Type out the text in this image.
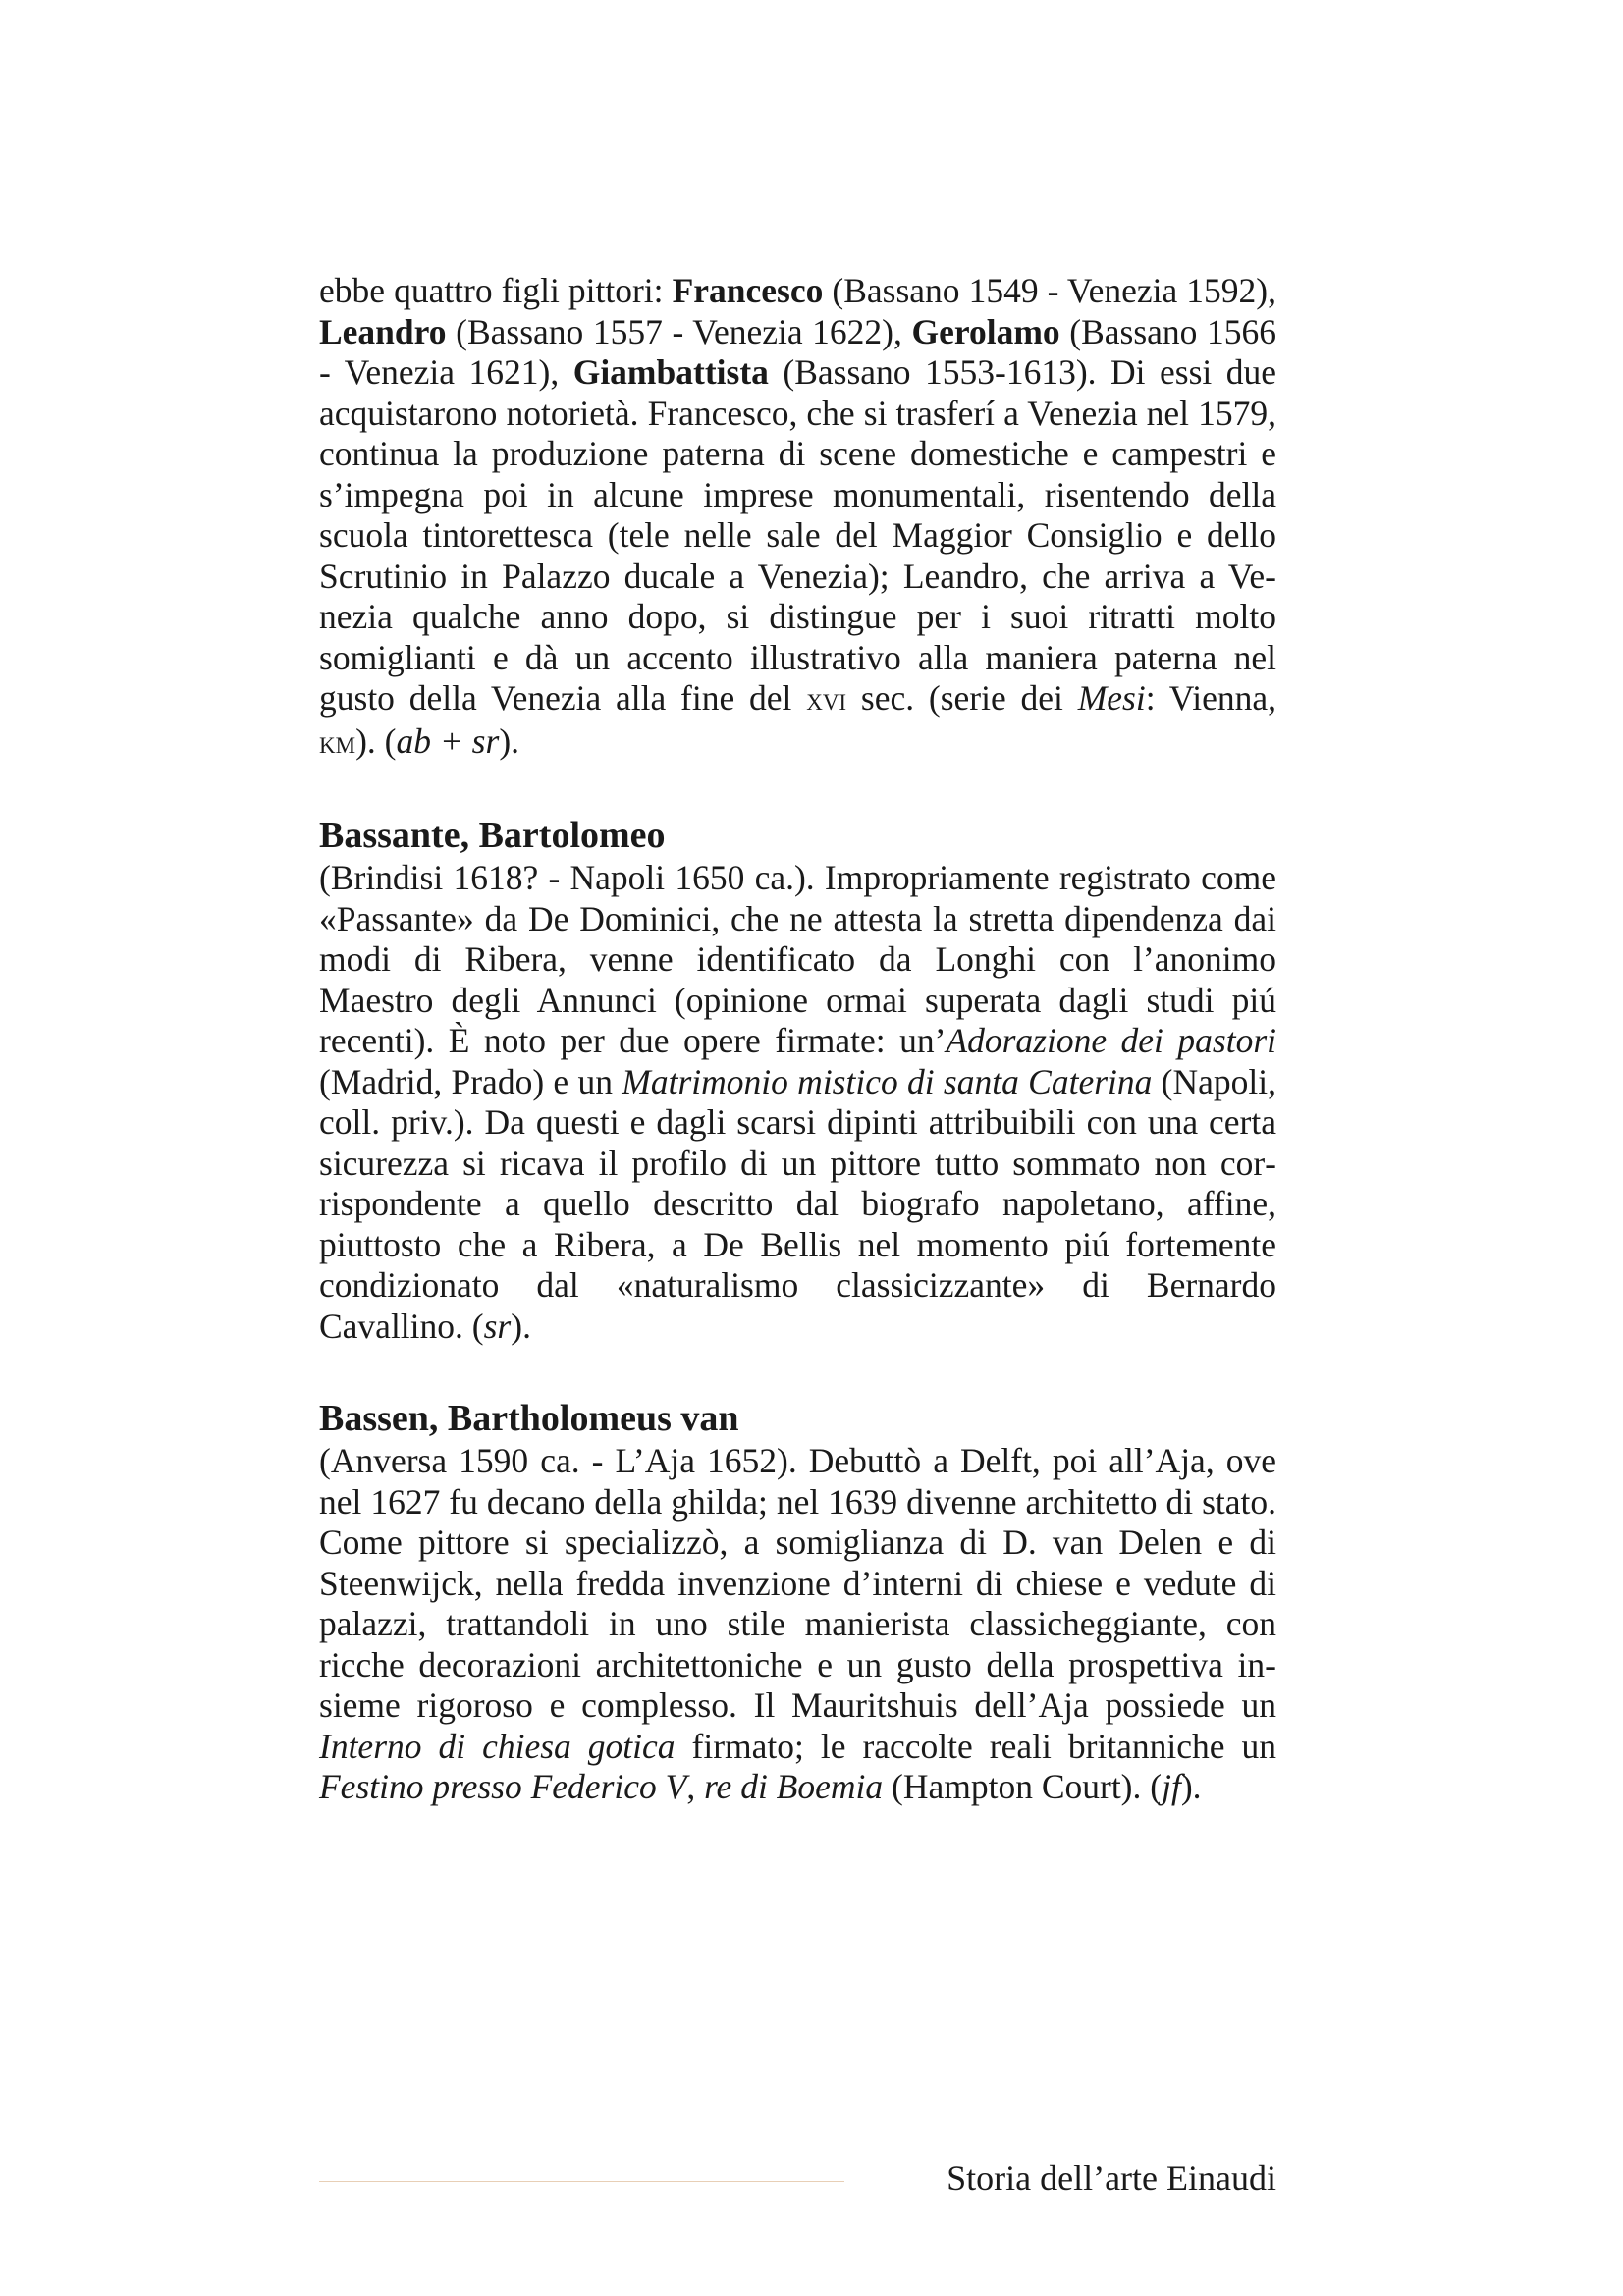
ebbe quattro figli pittori: Francesco (Bassano 1549 - Venezia 1592), Leandro (Bassano 1557 - Venezia 1622), Gerolamo (Bassano 1566 - Venezia 1621), Giambattista (Bassano 1553-1613). Di essi due acquistarono notorietà. Francesco, che si trasferí a Venezia nel 1579, continua la produzione paterna di scene domestiche e campestri e s’impegna poi in alcune imprese monumentali, risentendo della scuola tintorettesca (tele nelle sale del Maggior Consiglio e dello Scrutinio in Palazzo ducale a Venezia); Leandro, che arriva a Venezia qualche anno dopo, si distingue per i suoi ritratti molto somiglianti e dà un accento illustrativo alla maniera paterna nel gusto della Venezia alla fine del xvi sec. (serie dei Mesi: Vienna, km). (ab + sr).

Bassante, Bartolomeo

(Brindisi 1618? - Napoli 1650 ca.). Impropriamente registrato come «Passante» da De Dominici, che ne attesta la stretta dipendenza dai modi di Ribera, venne identificato da Longhi con l’anonimo Maestro degli Annunci (opinione ormai superata dagli studi piú recenti). È noto per due opere firmate: un’Adorazione dei pastori (Madrid, Prado) e un Matrimonio mistico di santa Caterina (Napoli, coll. priv.). Da questi e dagli scarsi dipinti attribuibili con una certa sicurezza si ricava il profilo di un pittore tutto sommato non corrispondente a quello descritto dal biografo napoletano, affine, piuttosto che a Ribera, a De Bellis nel momento piú fortemente condizionato dal «naturalismo classicizzante» di Bernardo Cavallino. (sr).

Bassen, Bartholomeus van

(Anversa 1590 ca. - L’Aja 1652). Debuttò a Delft, poi all’Aja, ove nel 1627 fu decano della ghilda; nel 1639 divenne architetto di stato. Come pittore si specializzò, a somiglianza di D. van Delen e di Steenwijck, nella fredda invenzione d’interni di chiese e vedute di palazzi, trattandoli in uno stile manierista classicheggiante, con ricche decorazioni architettoniche e un gusto della prospettiva insieme rigoroso e complesso. Il Mauritshuis dell’Aja possiede un Interno di chiesa gotica firmato; le raccolte reali britanniche un Festino presso Federico V, re di Boemia (Hampton Court). (jf).

Storia dell’arte Einaudi
